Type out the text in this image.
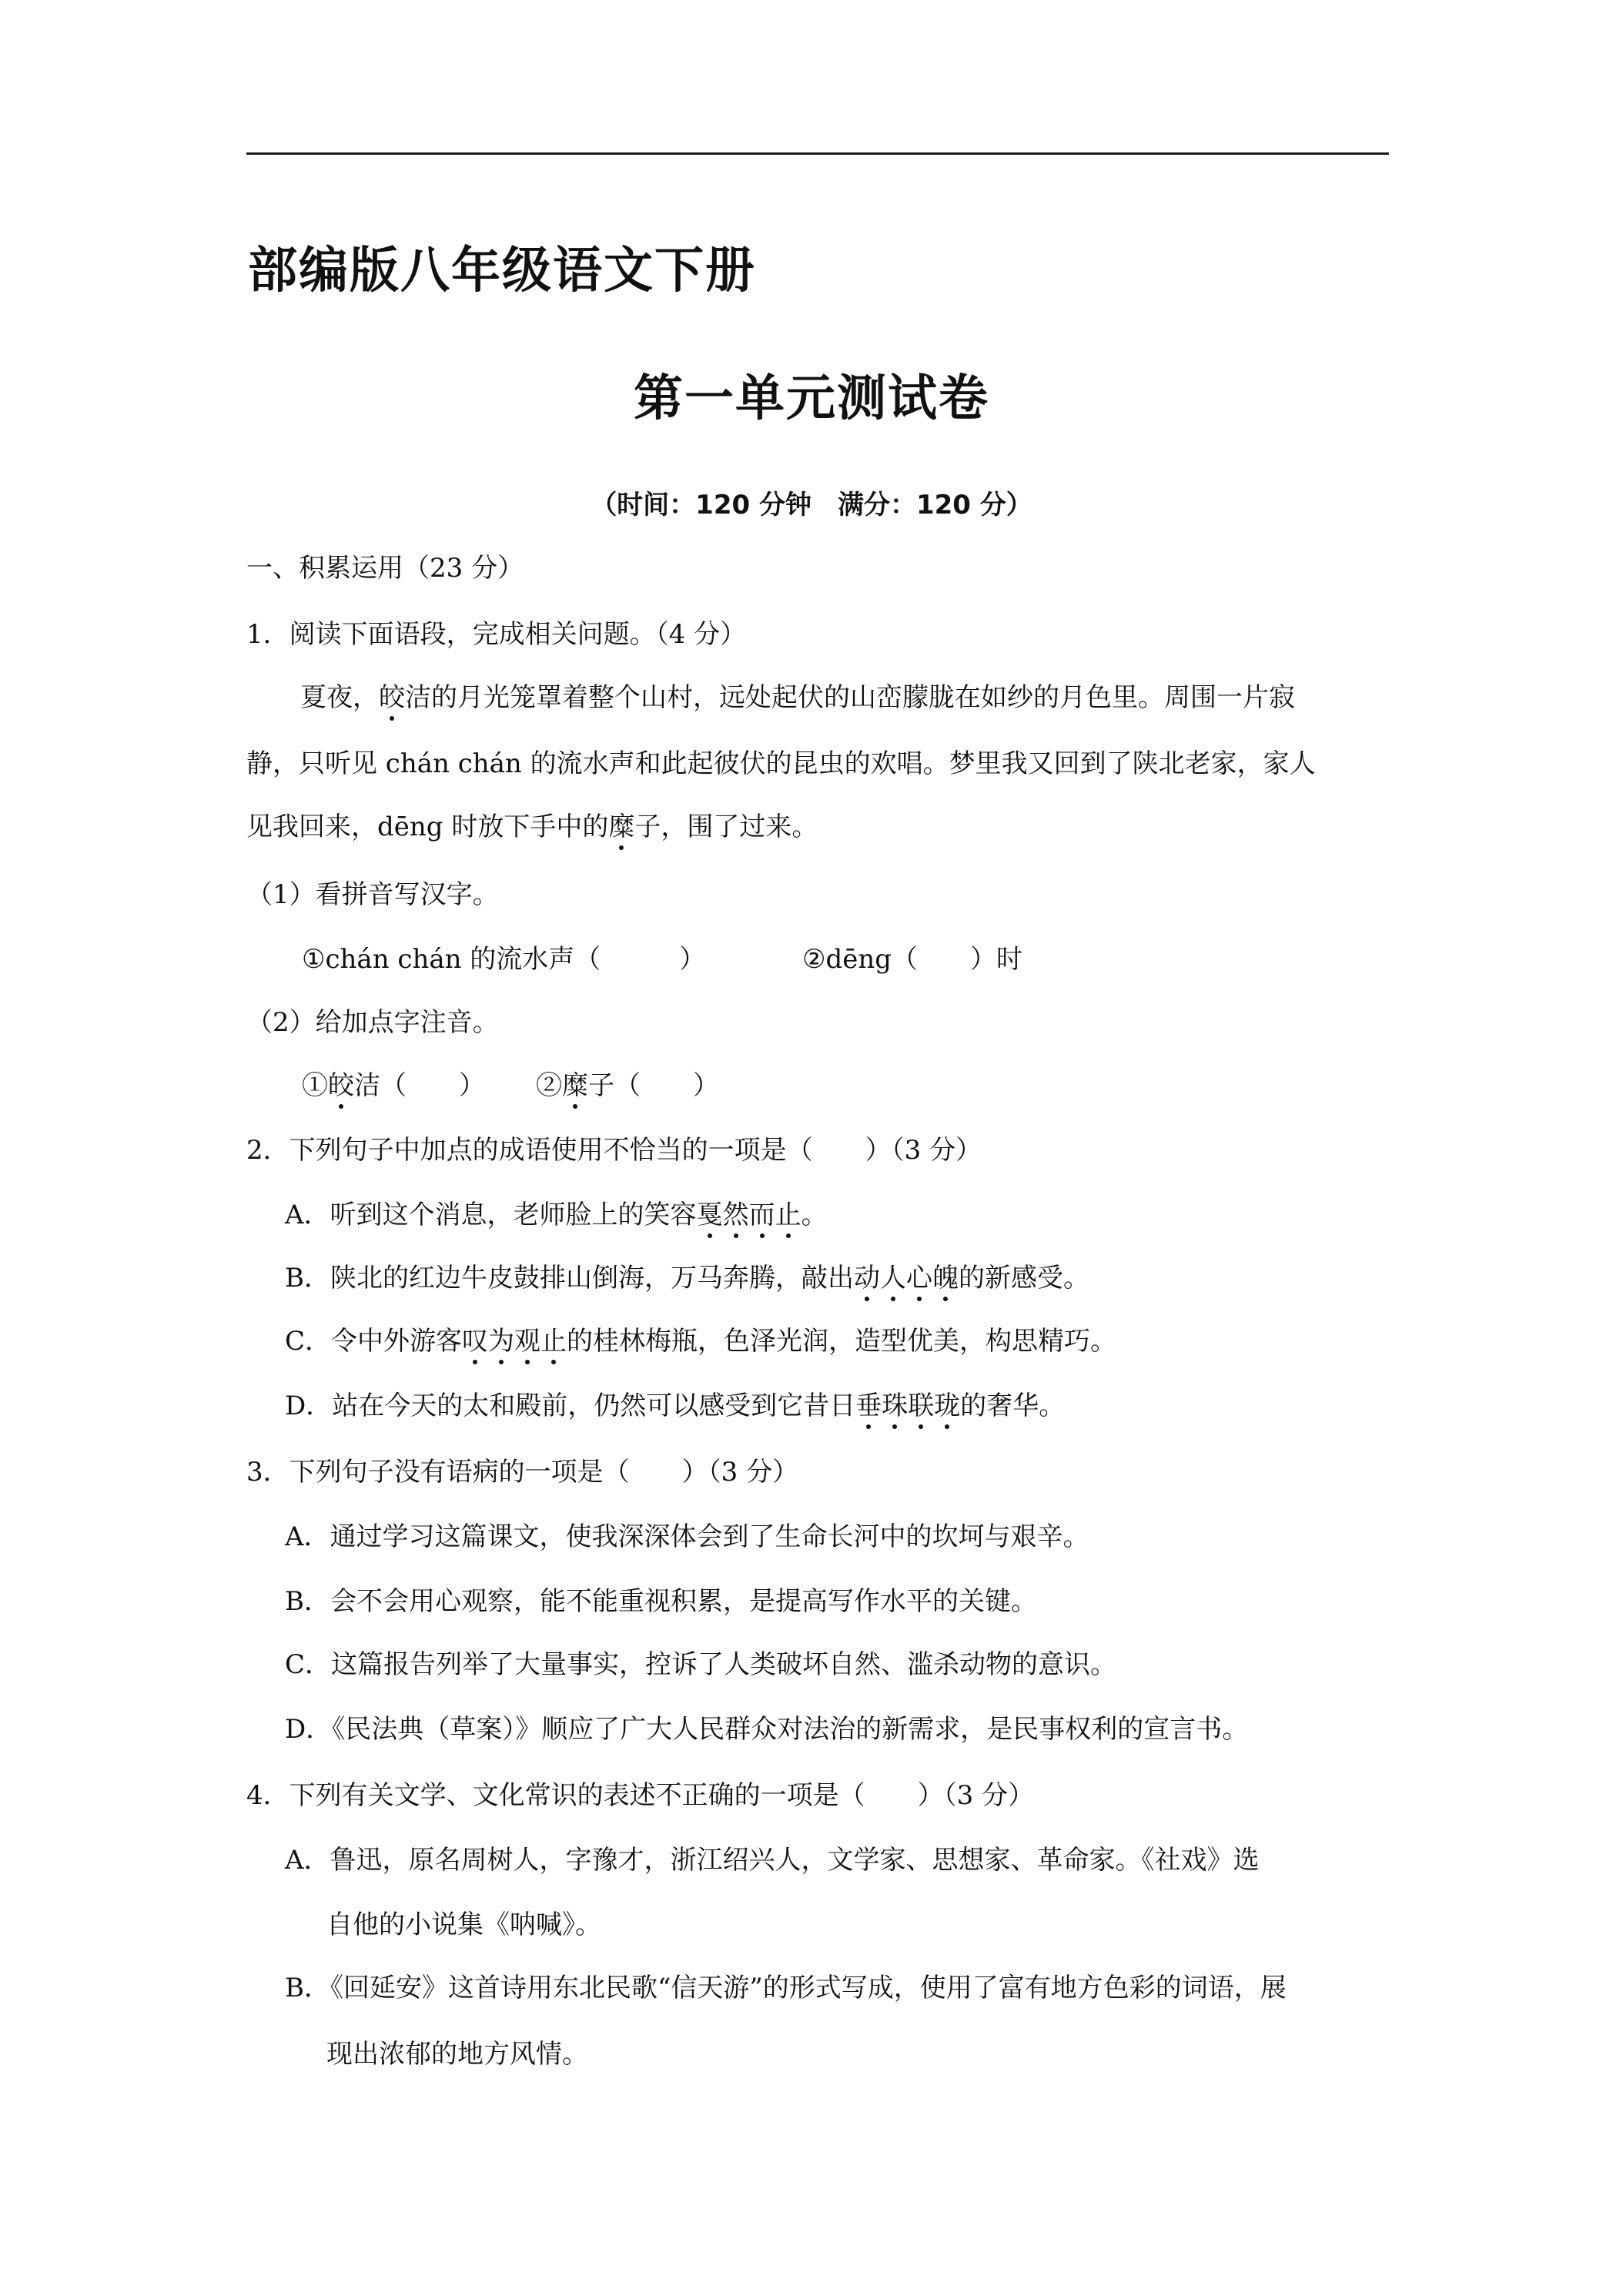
部编版八年级语文下册
第一单元测试卷
（时间：120 分钟　满分：120 分）
一、积累运用（23 分）
1．阅读下面语段，完成相关问题。（4 分）
夏夜，皎洁的月光笼罩着整个山村，远处起伏的山峦朦胧在如纱的月色里。周围一片寂
静，只听见 chán chán 的流水声和此起彼伏的昆虫的欢唱。梦里我又回到了陕北老家，家人
见我回来，dēng 时放下手中的糜子，围了过来。
（1）看拼音写汉字。
①chán chán 的流水声（　　　）	②dēng（　　）时
（2）给加点字注音。
①皎洁（　　） ②糜子（　　）
2．下列句子中加点的成语使用不恰当的一项是（　　）（3 分）
A．听到这个消息，老师脸上的笑容戛然而止。
B．陕北的红边牛皮鼓排山倒海，万马奔腾，敲出动人心魄的新感受。
C．令中外游客叹为观止的桂林梅瓶，色泽光润，造型优美，构思精巧。
D．站在今天的太和殿前，仍然可以感受到它昔日垂珠联珑的奢华。
3．下列句子没有语病的一项是（　　）（3 分）
A．通过学习这篇课文，使我深深体会到了生命长河中的坎坷与艰辛。
B．会不会用心观察，能不能重视积累，是提高写作水平的关键。
C．这篇报告列举了大量事实，控诉了人类破坏自然、滥杀动物的意识。
D．《民法典（草案）》顺应了广大人民群众对法治的新需求，是民事权利的宣言书。
4．下列有关文学、文化常识的表述不正确的一项是（　　）（3 分）
A．鲁迅，原名周树人，字豫才，浙江绍兴人，文学家、思想家、革命家。《社戏》选
自他的小说集《呐喊》。
B．《回延安》这首诗用东北民歌“信天游”的形式写成，使用了富有地方色彩的词语，展
现出浓郁的地方风情。
